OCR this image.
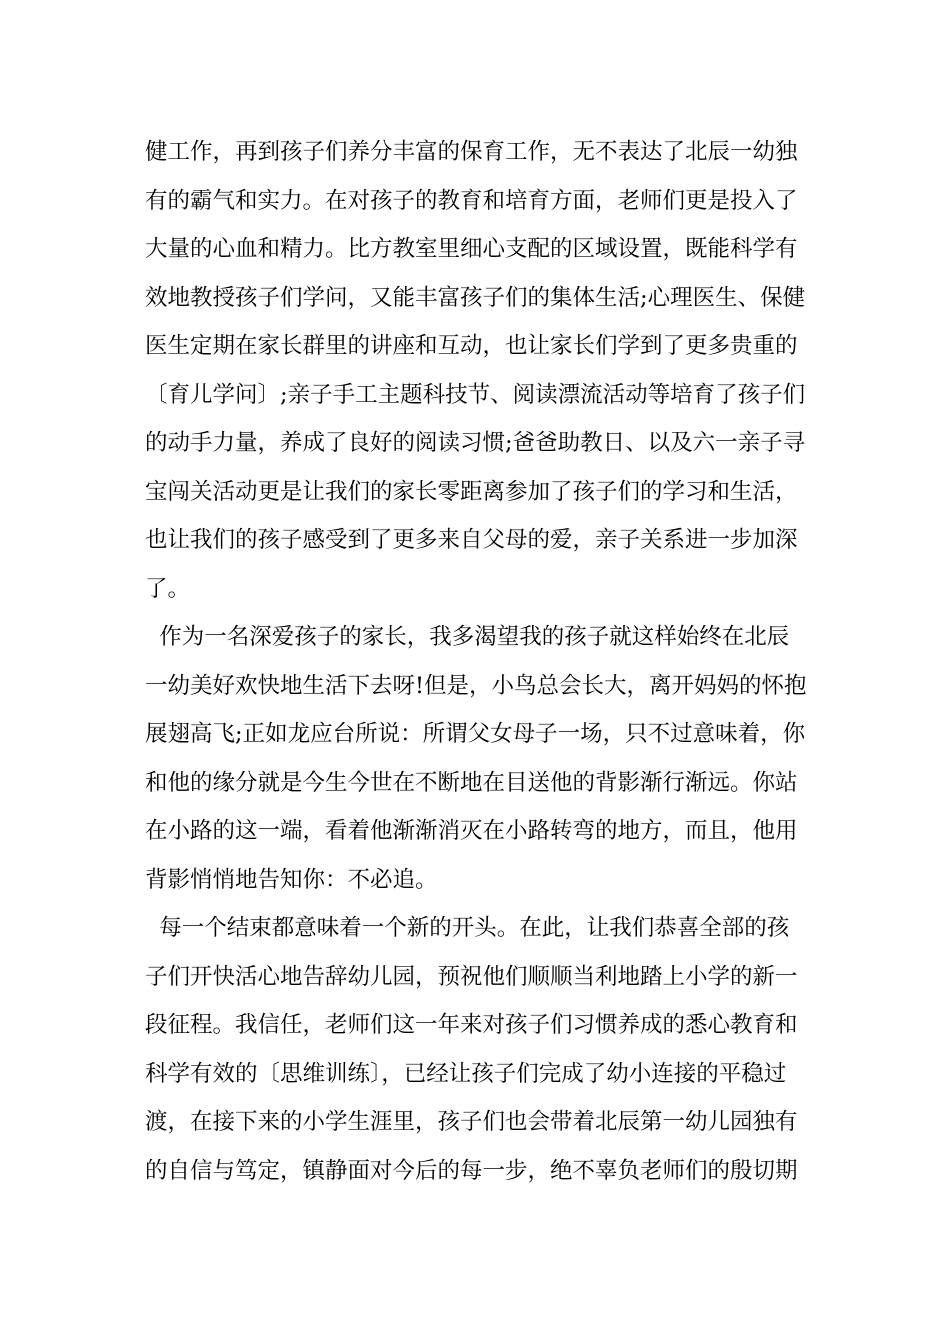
健工作，再到孩子们养分丰富的保育工作，无不表达了北辰一幼独
有的霸气和实力。在对孩子的教育和培育方面，老师们更是投入了
大量的心血和精力。比方教室里细心支配的区域设置，既能科学有
效地教授孩子们学问，又能丰富孩子们的集体生活;心理医生、保健
医生定期在家长群里的讲座和互动，也让家长们学到了更多贵重的
〔育儿学问〕;亲子手工主题科技节、阅读漂流活动等培育了孩子们
的动手力量，养成了良好的阅读习惯;爸爸助教日、以及六一亲子寻
宝闯关活动更是让我们的家长零距离参加了孩子们的学习和生活，
也让我们的孩子感受到了更多来自父母的爱，亲子关系进一步加深
了。
作为一名深爱孩子的家长，我多渴望我的孩子就这样始终在北辰
一幼美好欢快地生活下去呀!但是，小鸟总会长大，离开妈妈的怀抱
展翅高飞;正如龙应台所说：所谓父女母子一场，只不过意味着，你
和他的缘分就是今生今世在不断地在目送他的背影渐行渐远。你站
在小路的这一端，看着他渐渐消灭在小路转弯的地方，而且，他用
背影悄悄地告知你：不必追。
每一个结束都意味着一个新的开头。在此，让我们恭喜全部的孩
子们开快活心地告辞幼儿园，预祝他们顺顺当利地踏上小学的新一
段征程。我信任，老师们这一年来对孩子们习惯养成的悉心教育和
科学有效的〔思维训练〕，已经让孩子们完成了幼小连接的平稳过
渡，在接下来的小学生涯里，孩子们也会带着北辰第一幼儿园独有
的自信与笃定，镇静面对今后的每一步，绝不辜负老师们的殷切期
